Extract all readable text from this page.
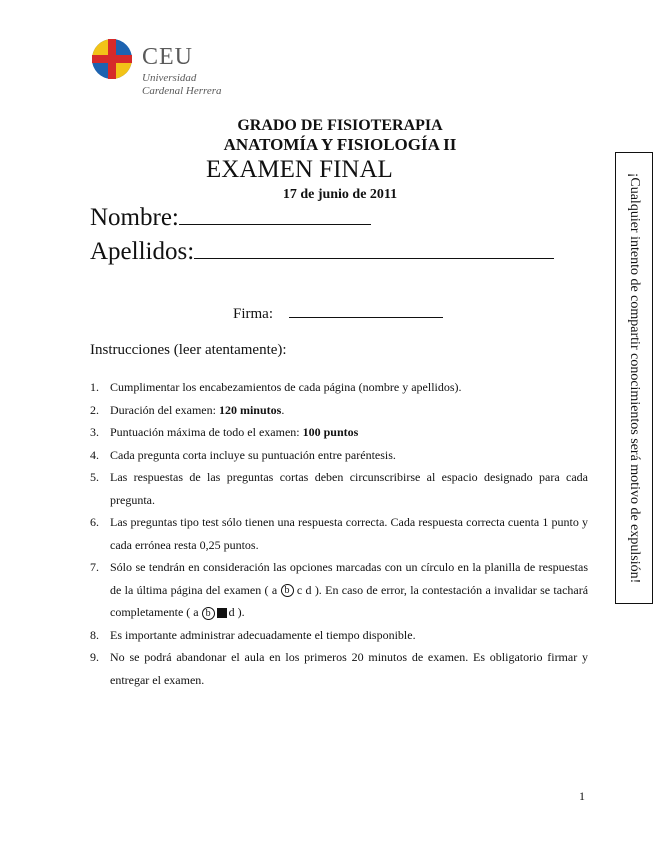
CEU
Universidad
Cardenal Herrera
GRADO DE FISIOTERAPIA
ANATOMÍA Y FISIOLOGÍA II
EXAMEN FINAL
17 de junio de 2011
Nombre:
Apellidos:
Firma:
Instrucciones (leer atentamente):
1. Cumplimentar los encabezamientos de cada página (nombre y apellidos).
2. Duración del examen: 120 minutos.
3. Puntuación máxima de todo el examen: 100 puntos
4. Cada pregunta corta incluye su puntuación entre paréntesis.
5. Las respuestas de las preguntas cortas deben circunscribirse al espacio designado para cada pregunta.
6. Las preguntas tipo test sólo tienen una respuesta correcta. Cada respuesta correcta cuenta 1 punto y cada errónea resta 0,25 puntos.
7. Sólo se tendrán en consideración las opciones marcadas con un círculo en la planilla de respuestas de la última página del examen ( a b c d ). En caso de error, la contestación a invalidar se tachará completamente ( a b d ).
8. Es importante administrar adecuadamente el tiempo disponible.
9. No se podrá abandonar el aula en los primeros 20 minutos de examen. Es obligatorio firmar y entregar el examen.
¡Cualquier intento de compartir conocimientos será motivo de expulsión!
1
